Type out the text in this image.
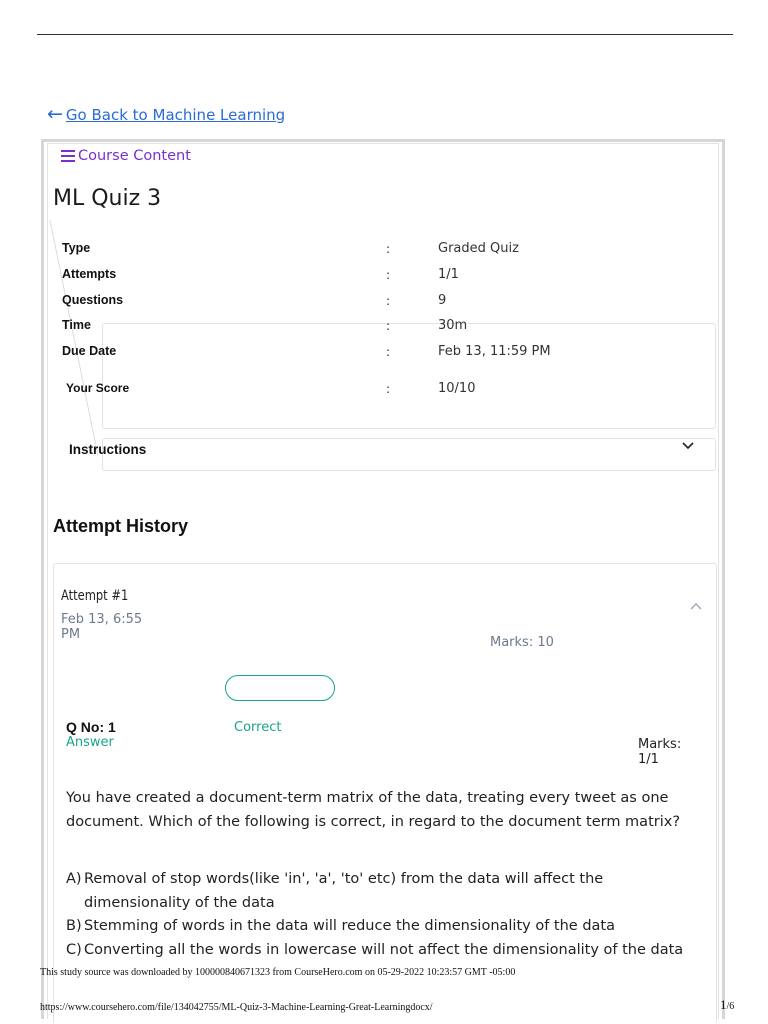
← Go Back to Machine Learning
Course Content
ML Quiz 3
Type	:	Graded Quiz
Attempts	:	1/1
Questions	:	9
Time	:	30m
Due Date	:	Feb 13, 11:59 PM
Your Score	:	10/10
Instructions
Attempt History
Attempt #1
Feb 13, 6:55 PM
Marks: 10
Q No: 1	Correct
Answer	Marks: 1/1

You have created a document-term matrix of the data, treating every tweet as one document. Which of the following is correct, in regard to the document term matrix?

A) Removal of stop words(like 'in', 'a', 'to' etc) from the data will affect the dimensionality of the data
B) Stemming of words in the data will reduce the dimensionality of the data
C) Converting all the words in lowercase will not affect the dimensionality of the data
This study source was downloaded by 100000840671323 from CourseHero.com on 05-29-2022 10:23:57 GMT -05:00
https://www.coursehero.com/file/134042755/ML-Quiz-3-Machine-Learning-Great-Learningdocx/	1/6
